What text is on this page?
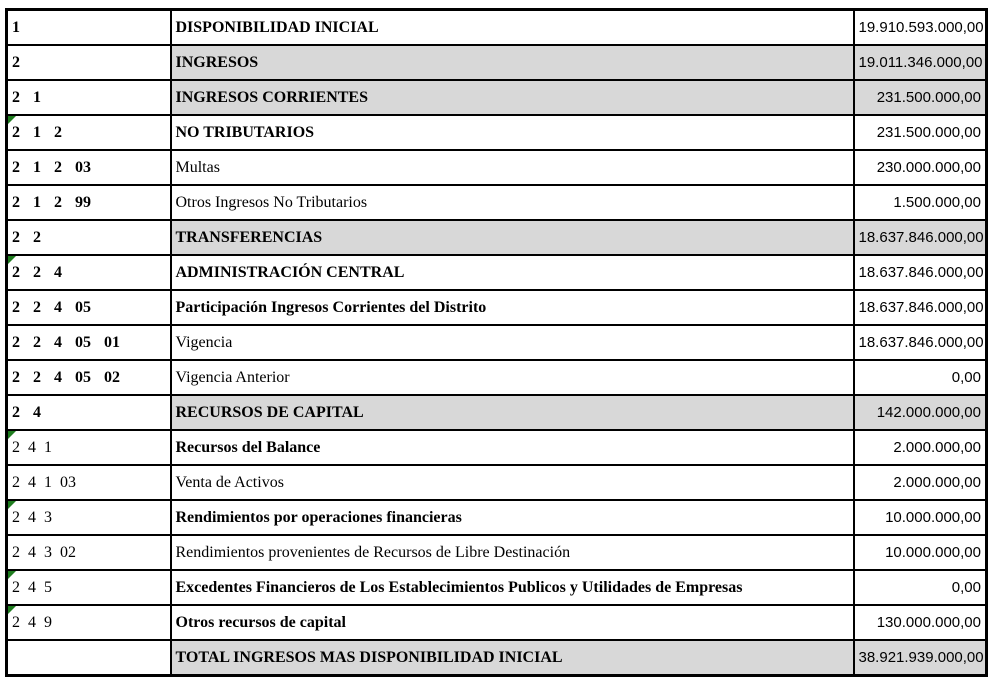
1	DISPONIBILIDAD INICIAL	19.910.593.000,00
2	INGRESOS	19.011.346.000,00
2 1	INGRESOS CORRIENTES	231.500.000,00

2 1 2	NO TRIBUTARIOS	231.500.000,00
2 1 2 03	Multas	230.000.000,00
2 1 2 99	Otros Ingresos No Tributarios	1.500.000,00
2 2	TRANSFERENCIAS	18.637.846.000,00

2 2 4	ADMINISTRACIÓN CENTRAL	18.637.846.000,00
2 2 4 05	Participación Ingresos Corrientes del Distrito	18.637.846.000,00
2 2 4 05 01	Vigencia	18.637.846.000,00
2 2 4 05 02	Vigencia Anterior	0,00
2 4	RECURSOS DE CAPITAL	142.000.000,00

2 4 1	Recursos del Balance	2.000.000,00
2 4 1 03	Venta de Activos	2.000.000,00

2 4 3	Rendimientos por operaciones financieras	10.000.000,00
2 4 3 02	Rendimientos provenientes de Recursos de Libre Destinación	10.000.000,00

2 4 5	Excedentes Financieros de Los Establecimientos Publicos y Utilidades de Empresas	0,00

2 4 9	Otros recursos de capital	130.000.000,00
	TOTAL INGRESOS MAS DISPONIBILIDAD INICIAL	38.921.939.000,00
